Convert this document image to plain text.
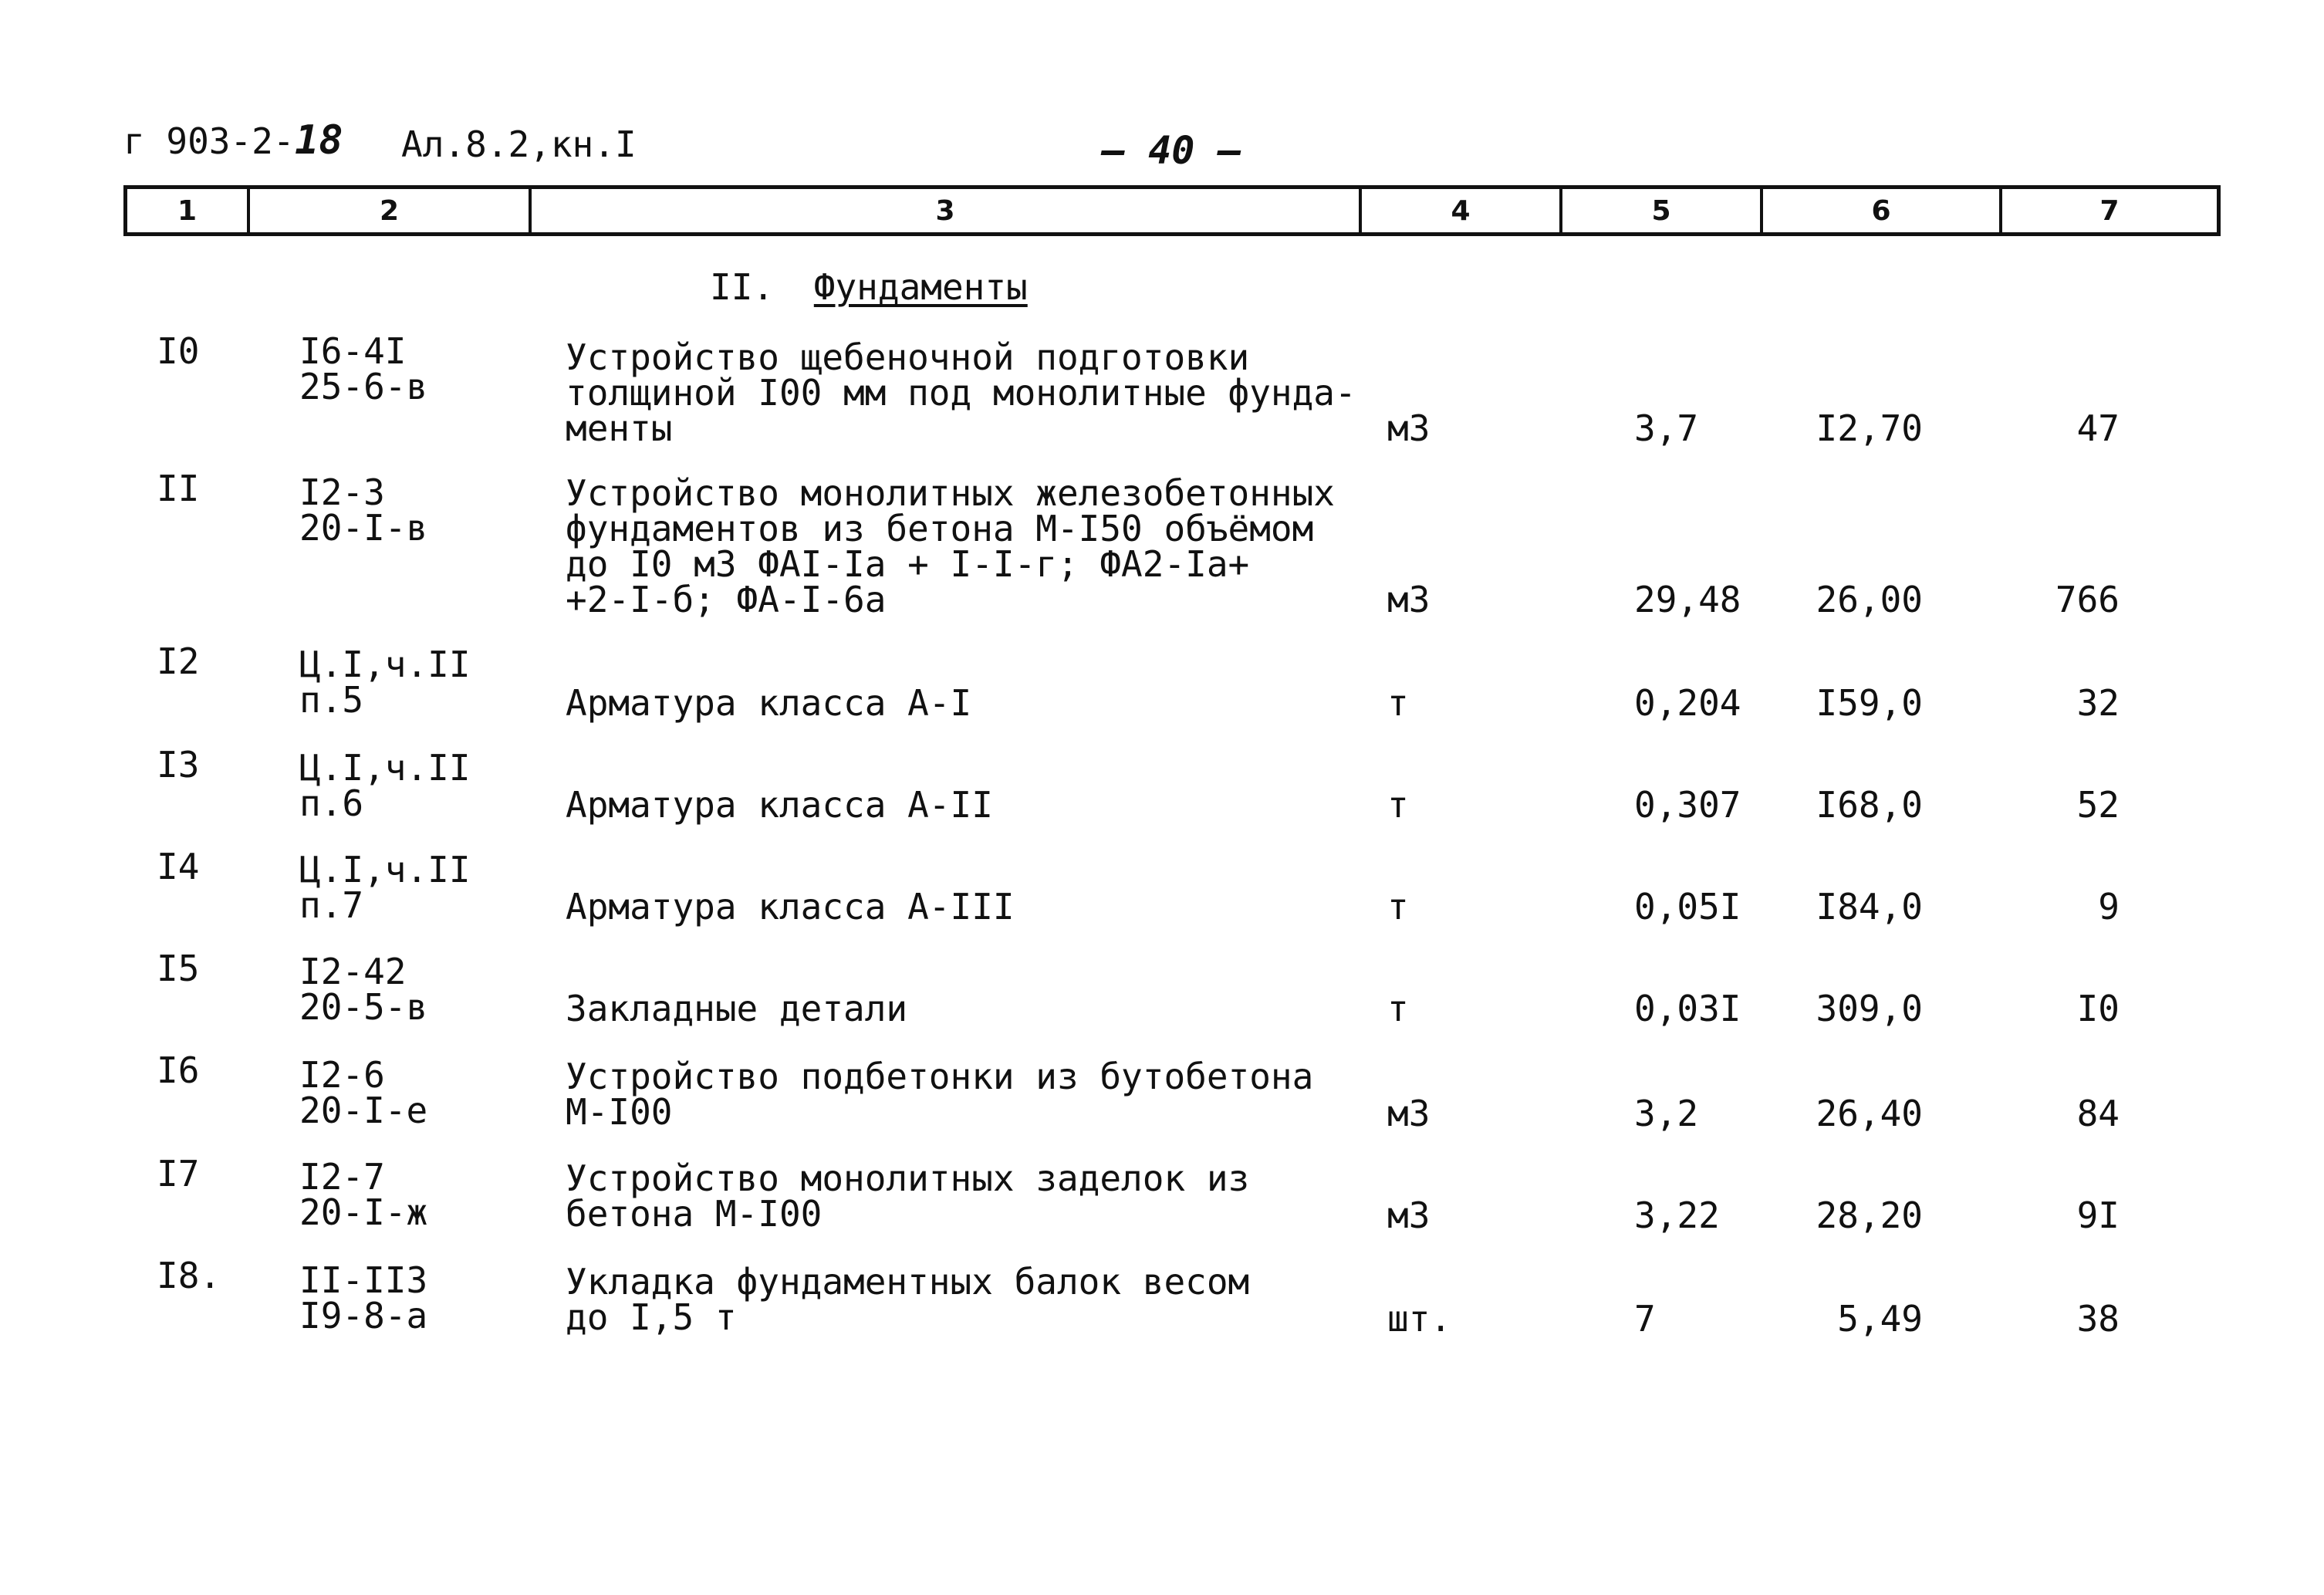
г 903-2- 18 Ал.8.2,кн.I	— 40 —
1	2	3	4	5	6	7
II. Фундаменты
I0	I6-4I
25-6-в
Устройство щебеночной подготовки
толщиной I00 мм под монолитные фунда-
менты	м3	3,7	I2,70	47
II	I2-3
20-I-в
Устройство монолитных железобетонных
фундаментов из бетона М-I50 объёмом
до I0 м3 ФАI-Iа + I-I-г; ФА2-Iа+
+2-I-б; ФА-I-6а	м3	29,48 26,00	766
I2	Ц.I,ч.II
п.5	Арматура класса А-I	т	0,204 I59,0	32
I3	Ц.I,ч.II
п.6	Арматура класса А-II	т	0,307 I68,0	52
I4	Ц.I,ч.II
п.7	Арматура класса А-III	т	0,05I I84,0	9
I5	I2-42
20-5-в	Закладные детали	т	0,03I 309,0	I0
I6	I2-6
20-I-е
Устройство подбетонки из бутобетона
М-I00	м3	3,2	26,40	84
I7	I2-7
20-I-ж
Устройство монолитных заделок из
бетона М-I00	м3	3,22	28,20	9I
I8. II-II3
I9-8-а
Укладка фундаментных балок весом
до I,5 т	шт.	7	5,49	38
